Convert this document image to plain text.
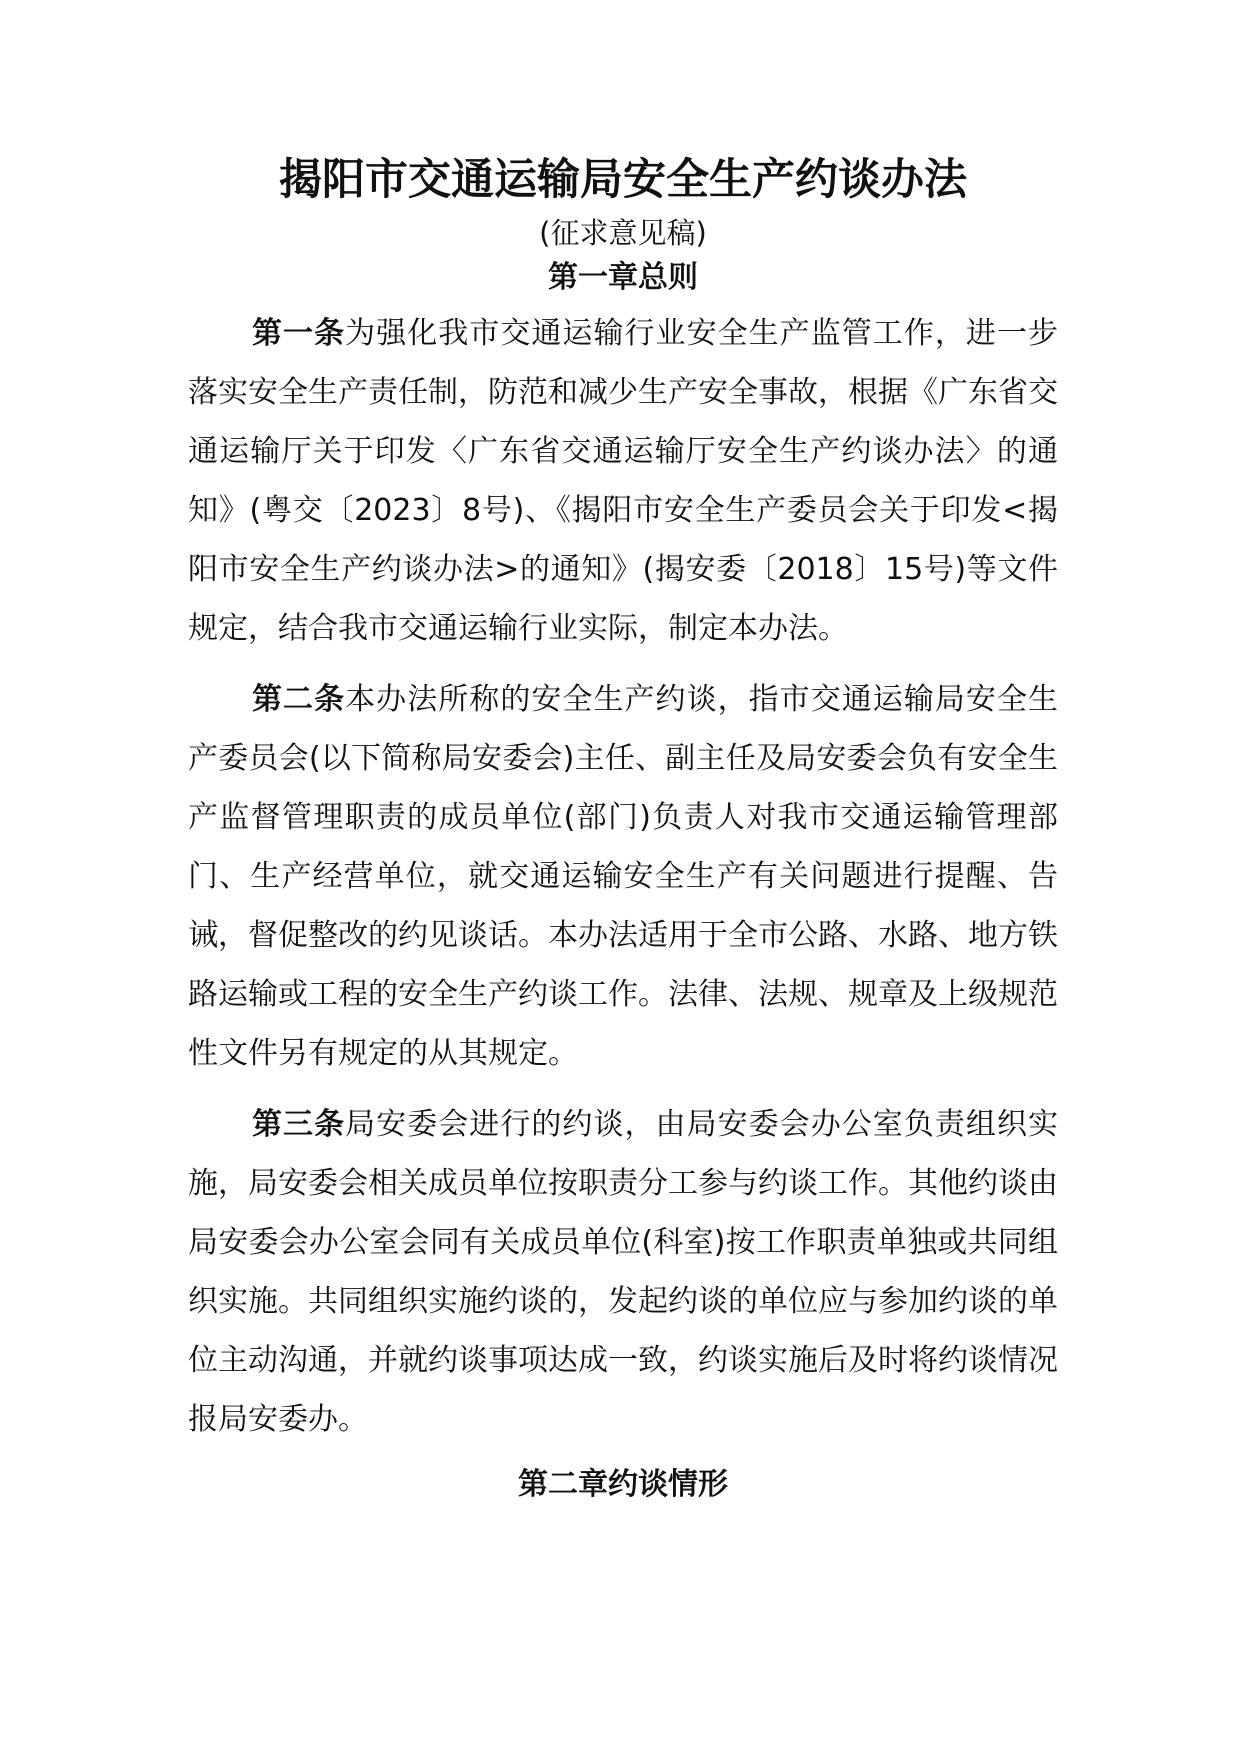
揭阳市交通运输局安全生产约谈办法
(征求意见稿)
第一章总则

第一条为强化我市交通运输行业安全生产监管工作，进一步落实安全生产责任制，防范和减少生产安全事故，根据《广东省交通运输厅关于印发〈广东省交通运输厅安全生产约谈办法〉的通知》(粤交〔2023〕8号)、《揭阳市安全生产委员会关于印发<揭阳市安全生产约谈办法>的通知》(揭安委〔2018〕15号)等文件规定，结合我市交通运输行业实际，制定本办法。

第二条本办法所称的安全生产约谈，指市交通运输局安全生产委员会(以下简称局安委会)主任、副主任及局安委会负有安全生产监督管理职责的成员单位(部门)负责人对我市交通运输管理部门、生产经营单位，就交通运输安全生产有关问题进行提醒、告诫，督促整改的约见谈话。本办法适用于全市公路、水路、地方铁路运输或工程的安全生产约谈工作。法律、法规、规章及上级规范性文件另有规定的从其规定。

第三条局安委会进行的约谈，由局安委会办公室负责组织实施，局安委会相关成员单位按职责分工参与约谈工作。其他约谈由局安委会办公室会同有关成员单位(科室)按工作职责单独或共同组织实施。共同组织实施约谈的，发起约谈的单位应与参加约谈的单位主动沟通，并就约谈事项达成一致，约谈实施后及时将约谈情况报局安委办。

第二章约谈情形
